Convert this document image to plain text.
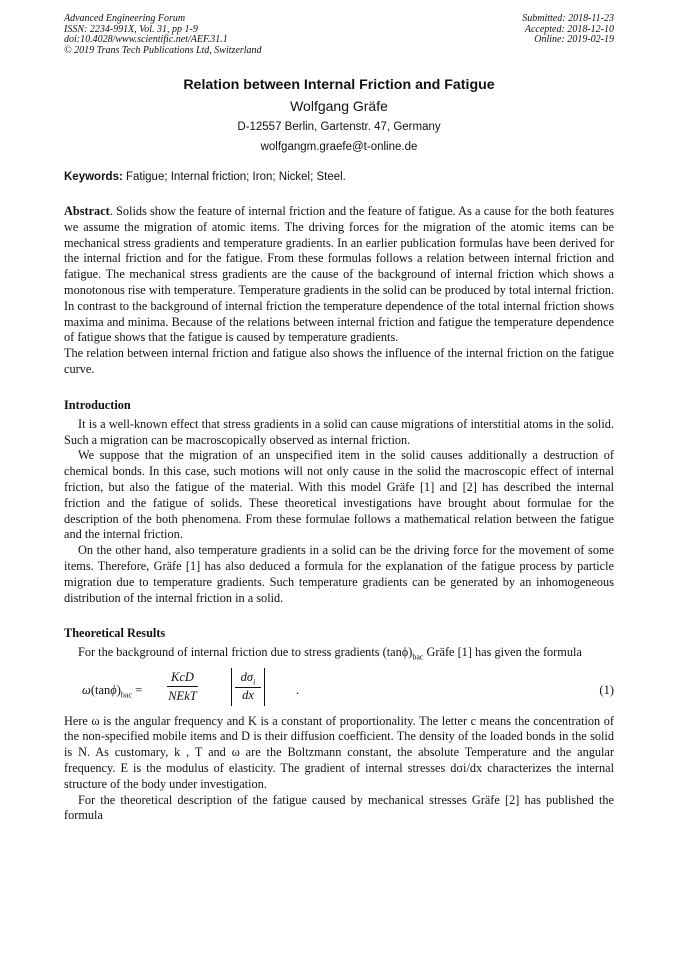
Advanced Engineering Forum
ISSN: 2234-991X, Vol. 31, pp 1-9
doi:10.4028/www.scientific.net/AEF.31.1
© 2019 Trans Tech Publications Ltd, Switzerland
Submitted: 2018-11-23
Accepted: 2018-12-10
Online: 2019-02-19
Relation between Internal Friction and Fatigue
Wolfgang Gräfe
D-12557 Berlin, Gartenstr. 47, Germany
wolfgangm.graefe@t-online.de
Keywords: Fatigue; Internal friction; Iron; Nickel; Steel.

Abstract. Solids show the feature of internal friction and the feature of fatigue. As a cause for the both features we assume the migration of atomic items. The driving forces for the migration of the atomic items can be mechanical stress gradients and temperature gradients. In an earlier publication formulas have been derived for the internal friction and for the fatigue. From these formulas follows a relation between internal friction and fatigue. The mechanical stress gradients are the cause of the background of internal friction which shows a monotonous rise with temperature. Temperature gradients in the solid can be produced by total internal friction. In contrast to the background of internal friction the temperature dependence of the total internal friction shows maxima and minima. Because of the relations between internal friction and fatigue the temperature dependence of fatigue shows that the fatigue is caused by temperature gradients.

The relation between internal friction and fatigue also shows the influence of the internal friction on the fatigue curve.

Introduction

It is a well-known effect that stress gradients in a solid can cause migrations of interstitial atoms in the solid. Such a migration can be macroscopically observed as internal friction.

We suppose that the migration of an unspecified item in the solid causes additionally a destruction of chemical bonds. In this case, such motions will not only cause in the solid the macroscopic effect of internal friction, but also the fatigue of the material. With this model Gräfe [1] and [2] has described the internal friction and the fatigue of solids. These theoretical investigations have brought about formulae for the description of the both phenomena. From these formulae follows a mathematical relation between the fatigue and the internal friction.

On the other hand, also temperature gradients in a solid can be the driving force for the movement of some items. Therefore, Gräfe [1] has also deduced a formula for the explanation of the fatigue process by particle migration due to temperature gradients. Such temperature gradients can be generated by an inhomogeneous distribution of the internal friction in a solid.

Theoretical Results

For the background of internal friction due to stress gradients $(\tan\phi)_{bac}$ Gräfe [1] has given the formula

$\omega(\tan\phi)_{bac}$ =
KcD
NEkT
$d\sigma_i$
dx	.	(1)

Here ω is the angular frequency and K is a constant of proportionality. The letter c means the concentration of the non-specified mobile items and D is their diffusion coefficient. The density of the loaded bonds in the solid is N. As customary, k , T and ω are the Boltzmann constant, the absolute Temperature and the angular frequency. E is the modulus of elasticity. The gradient of internal stresses dσi/dx characterizes the internal structure of the body under investigation.

For the theoretical description of the fatigue caused by mechanical stresses Gräfe [2] has published the formula
